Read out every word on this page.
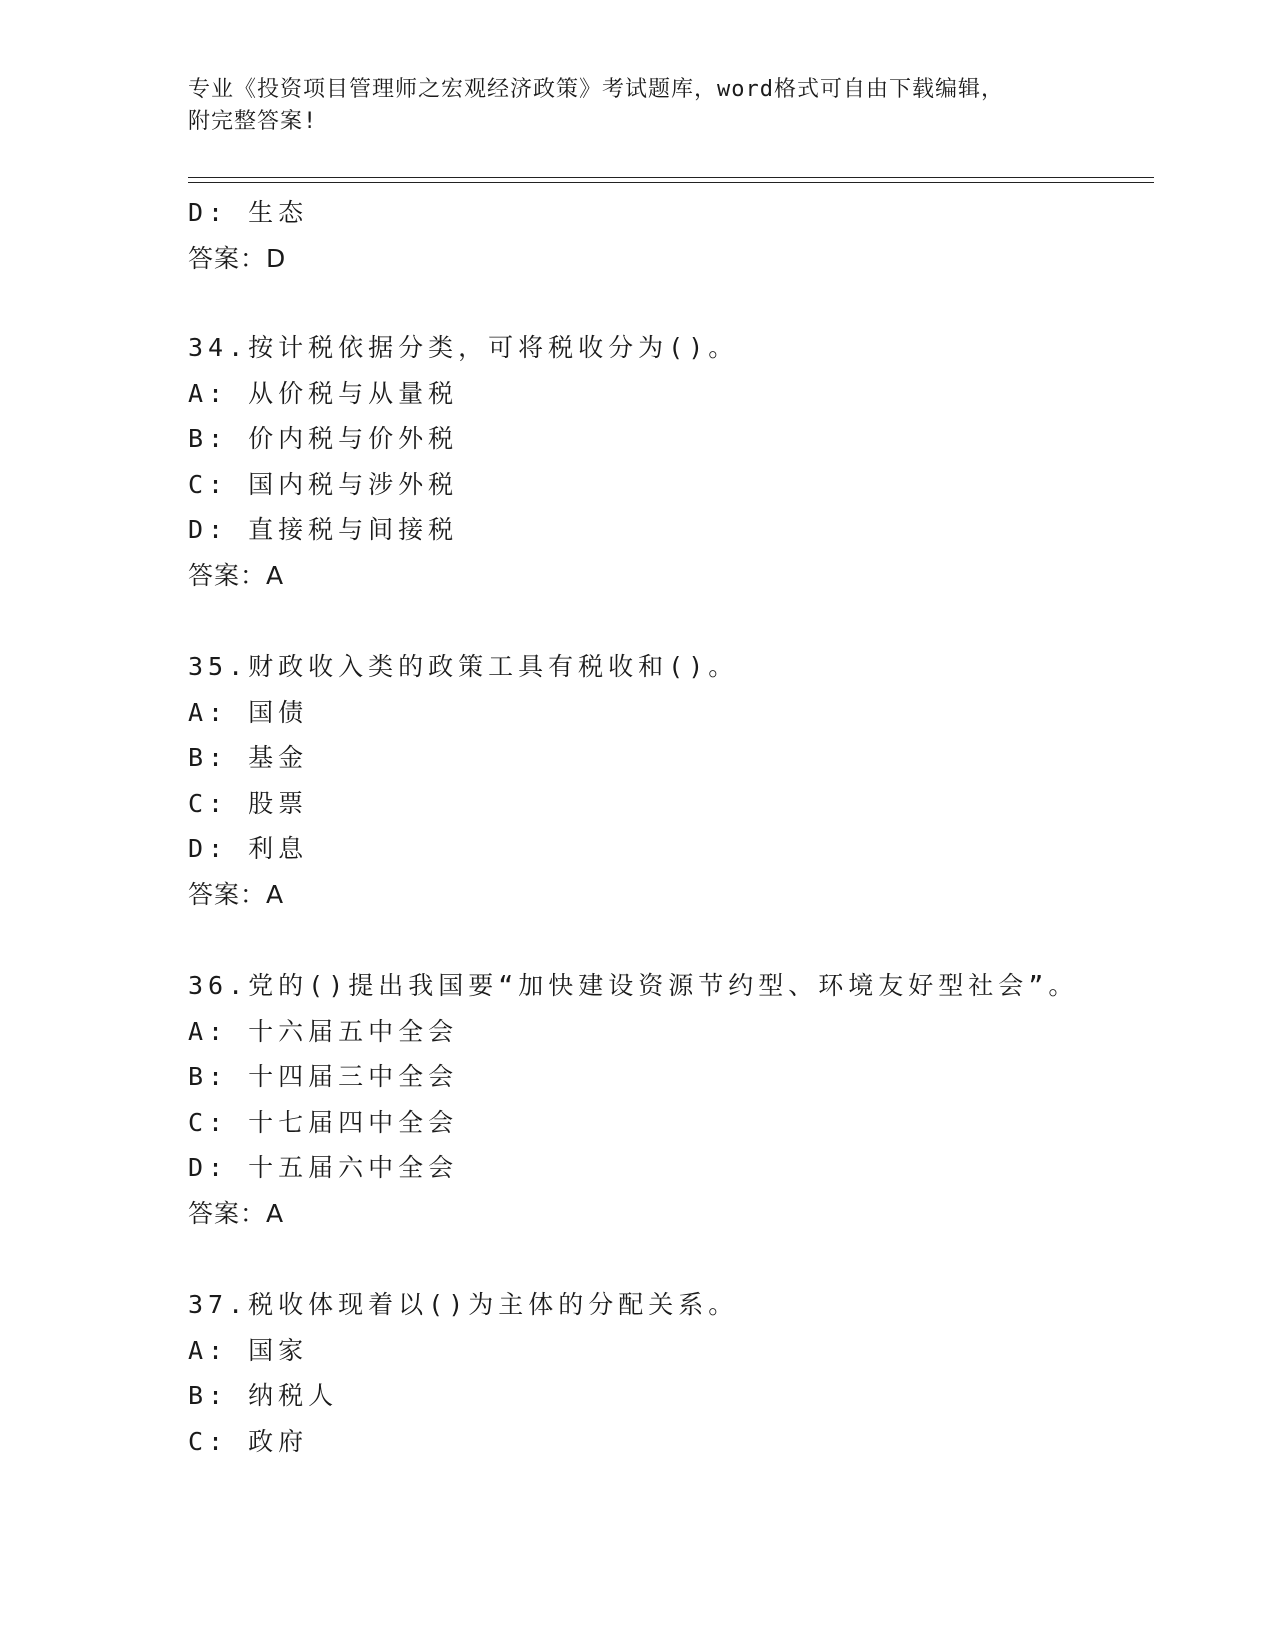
专业《投资项目管理师之宏观经济政策》考试题库，word格式可自由下载编辑，
附完整答案!
D: 生态
答案：D
34.按计税依据分类，可将税收分为()。
A: 从价税与从量税
B: 价内税与价外税
C: 国内税与涉外税
D: 直接税与间接税
答案：A
35.财政收入类的政策工具有税收和()。
A: 国债
B: 基金
C: 股票
D: 利息
答案：A
36.党的()提出我国要“加快建设资源节约型、环境友好型社会”。
A: 十六届五中全会
B: 十四届三中全会
C: 十七届四中全会
D: 十五届六中全会
答案：A
37.税收体现着以()为主体的分配关系。
A: 国家
B: 纳税人
C: 政府
